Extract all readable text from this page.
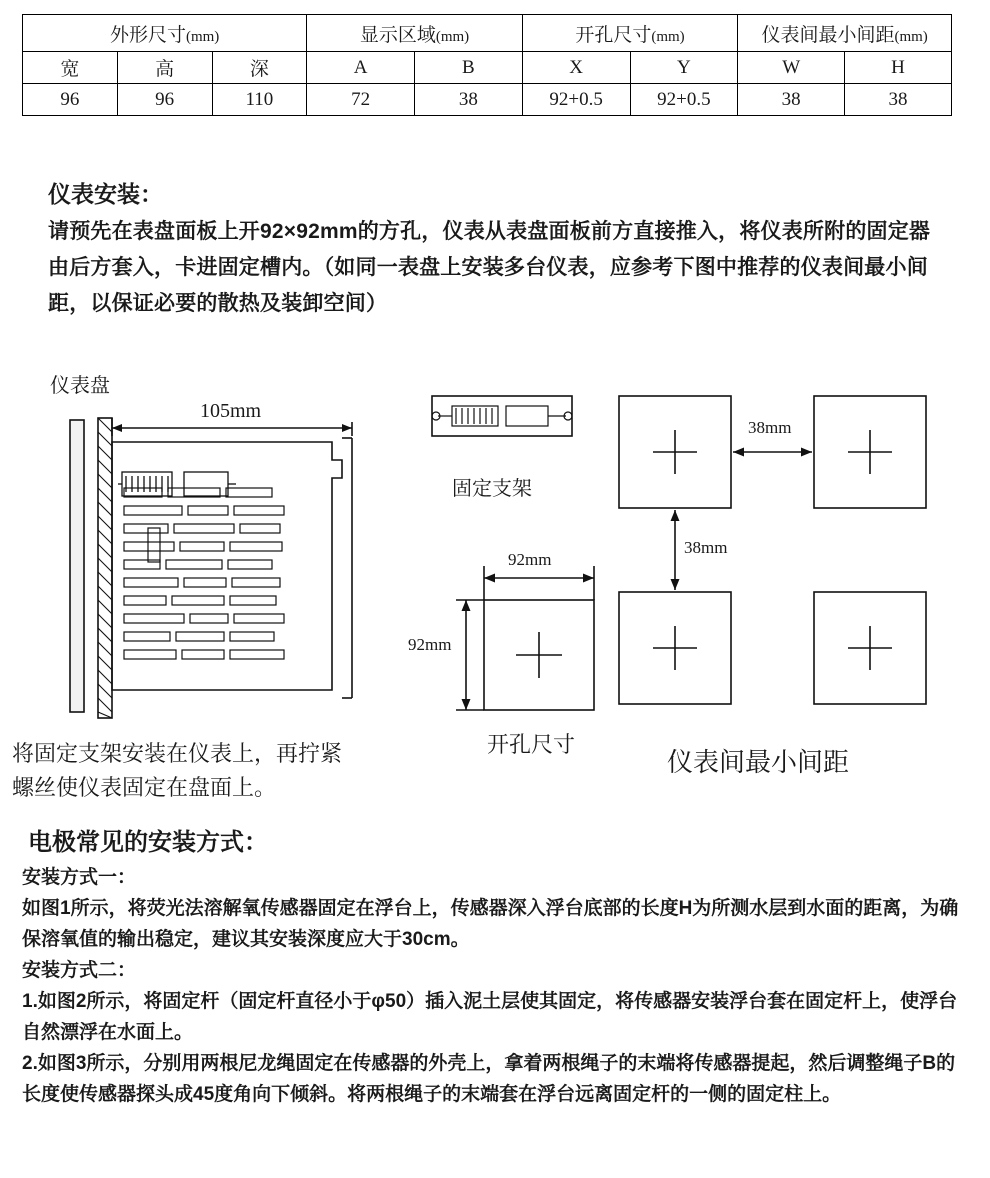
外形尺寸(mm)			显示区域(mm)		开孔尺寸(mm)		仪表间最小间距(mm)	
宽	高	深	A	B	X	Y	W	H
96	96	110	72	38	92+0.5	92+0.5	38	38
仪表安装：
请预先在表盘面板上开92×92mm的方孔，仪表从表盘面板前方直接推入，将仪表所附的固定器由后方套入，卡进固定槽内。（如同一表盘上安装多台仪表，应参考下图中推荐的仪表间最小间距，以保证必要的散热及装卸空间）
仪表盘
105mm
固定支架
92mm
92mm
38mm
38mm
开孔尺寸
仪表间最小间距
将固定支架安装在仪表上，再拧紧
螺丝使仪表固定在盘面上。
电极常见的安装方式：

安装方式一：

如图1所示，将荧光法溶解氧传感器固定在浮台上，传感器深入浮台底部的长度H为所测水层到水面的距离，为确保溶氧值的输出稳定，建议其安装深度应大于30cm。

安装方式二：

1.如图2所示，将固定杆（固定杆直径小于φ50）插入泥土层使其固定，将传感器安装浮台套在固定杆上，使浮台自然漂浮在水面上。

2.如图3所示，分别用两根尼龙绳固定在传感器的外壳上，拿着两根绳子的末端将传感器提起，然后调整绳子B的长度使传感器探头成45度角向下倾斜。将两根绳子的末端套在浮台远离固定杆的一侧的固定柱上。
